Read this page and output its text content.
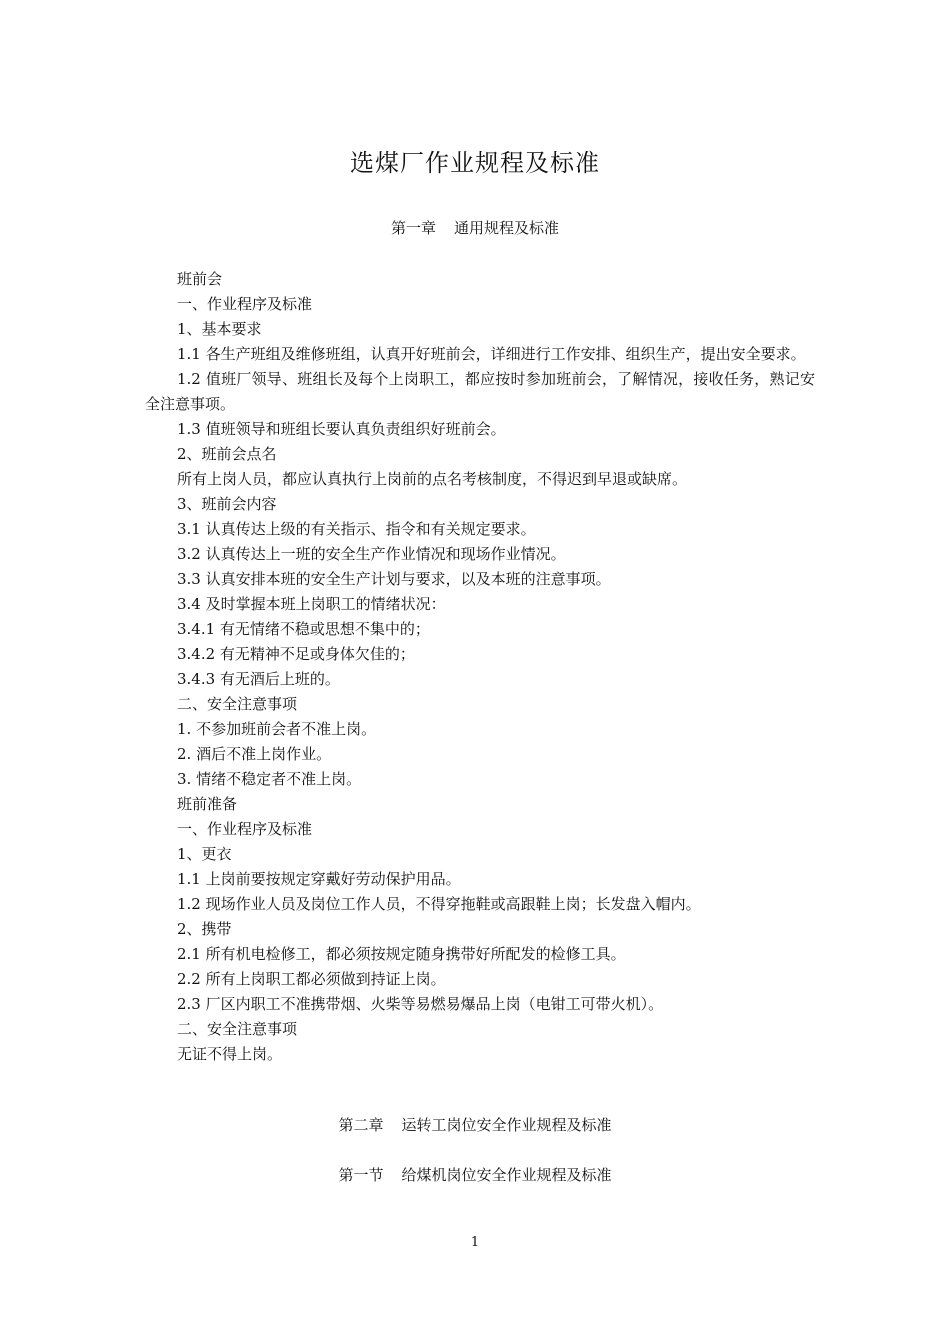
选煤厂作业规程及标准
第一章 通用规程及标准
班前会
一、作业程序及标准
1、基本要求
1.1 各生产班组及维修班组，认真开好班前会，详细进行工作安排、组织生产，提出安全要求。
1.2 值班厂领导、班组长及每个上岗职工，都应按时参加班前会，了解情况，接收任务，熟记安全注意事项。
1.3 值班领导和班组长要认真负责组织好班前会。
2、班前会点名
所有上岗人员，都应认真执行上岗前的点名考核制度，不得迟到早退或缺席。
3、班前会内容
3.1 认真传达上级的有关指示、指令和有关规定要求。
3.2 认真传达上一班的安全生产作业情况和现场作业情况。
3.3 认真安排本班的安全生产计划与要求，以及本班的注意事项。
3.4 及时掌握本班上岗职工的情绪状况：
3.4.1 有无情绪不稳或思想不集中的；
3.4.2 有无精神不足或身体欠佳的；
3.4.3 有无酒后上班的。
二、安全注意事项
1. 不参加班前会者不准上岗。
2. 酒后不准上岗作业。
3. 情绪不稳定者不准上岗。
班前准备
一、作业程序及标准
1、更衣
1.1 上岗前要按规定穿戴好劳动保护用品。
1.2 现场作业人员及岗位工作人员，不得穿拖鞋或高跟鞋上岗；长发盘入帽内。
2、携带
2.1 所有机电检修工，都必须按规定随身携带好所配发的检修工具。
2.2 所有上岗职工都必须做到持证上岗。
2.3 厂区内职工不准携带烟、火柴等易燃易爆品上岗（电钳工可带火机）。
二、安全注意事项
无证不得上岗。
第二章 运转工岗位安全作业规程及标准
第一节 给煤机岗位安全作业规程及标准
1
